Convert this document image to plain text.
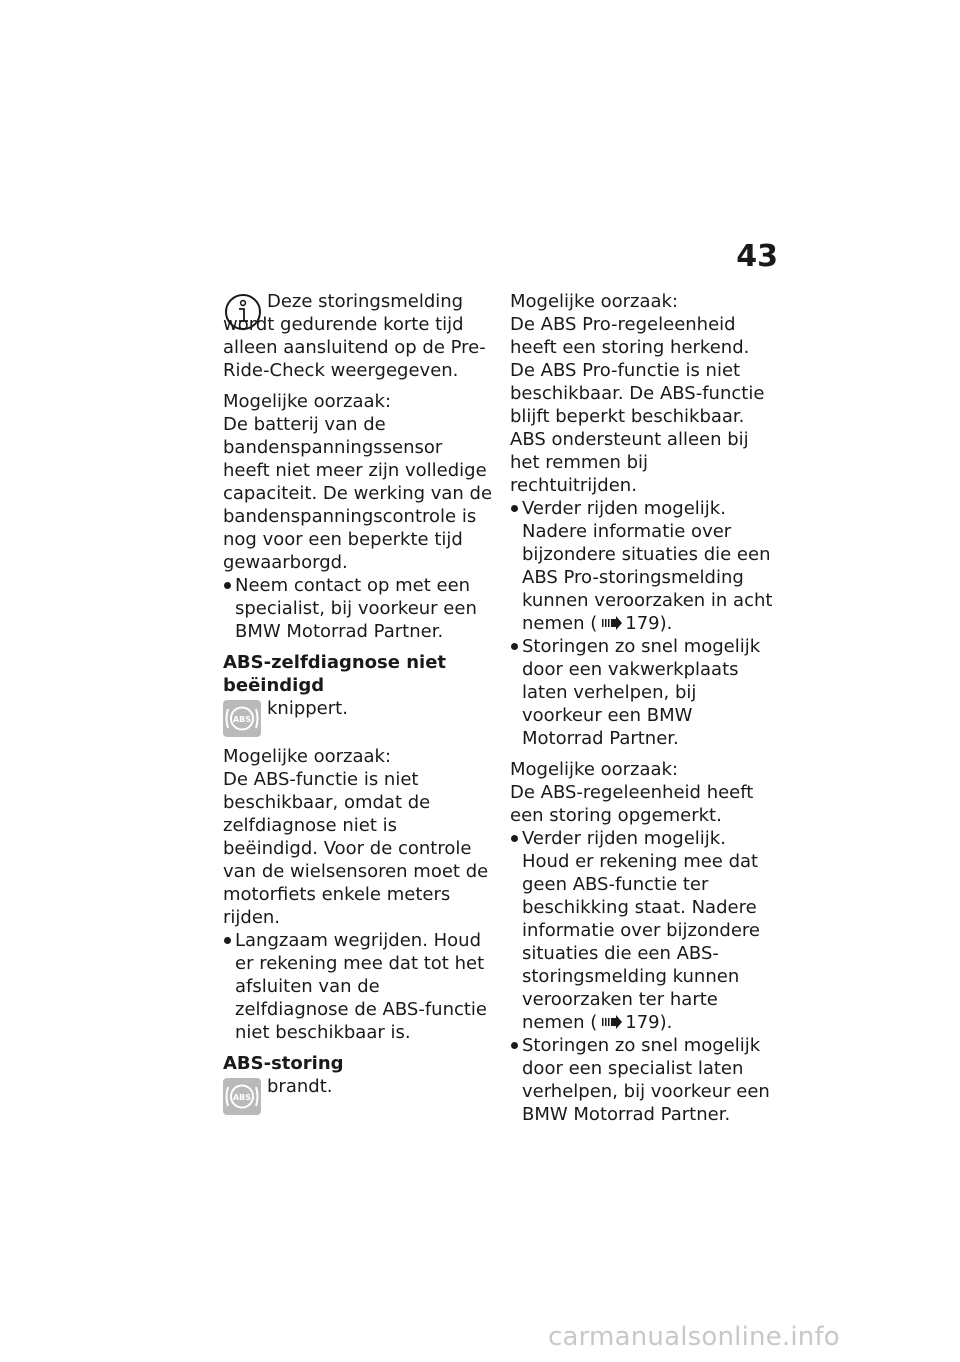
43

Deze storingsmelding
wordt gedurende korte tijd alleen aansluitend op de Pre-Ride-Check weergegeven.

Mogelijke oorzaak:

De batterij van de bandenspanningssensor heeft niet meer zijn volledige capaciteit. De werking van de bandenspanningscontrole is nog voor een beperkte tijd gewaarborgd.

Neem contact op met een specialist, bij voorkeur een BMW Motorrad Partner.
ABS-zelfdiagnose niet beëindigd
ABS

knippert.

Mogelijke oorzaak:

De ABS-functie is niet beschikbaar, omdat de zelfdiagnose niet is beëindigd. Voor de controle van de wielsensoren moet de motorfiets enkele meters rijden.

Langzaam wegrijden. Houd er rekening mee dat tot het afsluiten van de zelfdiagnose de ABS-functie niet beschikbaar is.
ABS-storing
ABS

brandt.

Mogelijke oorzaak:

De ABS Pro-regeleenheid heeft een storing herkend. De ABS Pro-functie is niet beschikbaar. De ABS-functie blijft beperkt beschikbaar. ABS ondersteunt alleen bij het remmen bij rechtuitrijden.

Verder rijden mogelijk. Nadere informatie over bijzondere situaties die een ABS Pro-storingsmelding kunnen veroorzaken in acht nemen ( 179).
Storingen zo snel mogelijk door een vakwerkplaats laten verhelpen, bij voorkeur een BMW Motorrad Partner.

Mogelijke oorzaak:

De ABS-regeleenheid heeft een storing opgemerkt.

Verder rijden mogelijk. Houd er rekening mee dat geen ABS-functie ter beschikking staat. Nadere informatie over bijzondere situaties die een ABS-storingsmelding kunnen veroorzaken ter harte nemen ( 179).
Storingen zo snel mogelijk door een specialist laten verhelpen, bij voorkeur een BMW Motorrad Partner.
carmanualsonline.info
